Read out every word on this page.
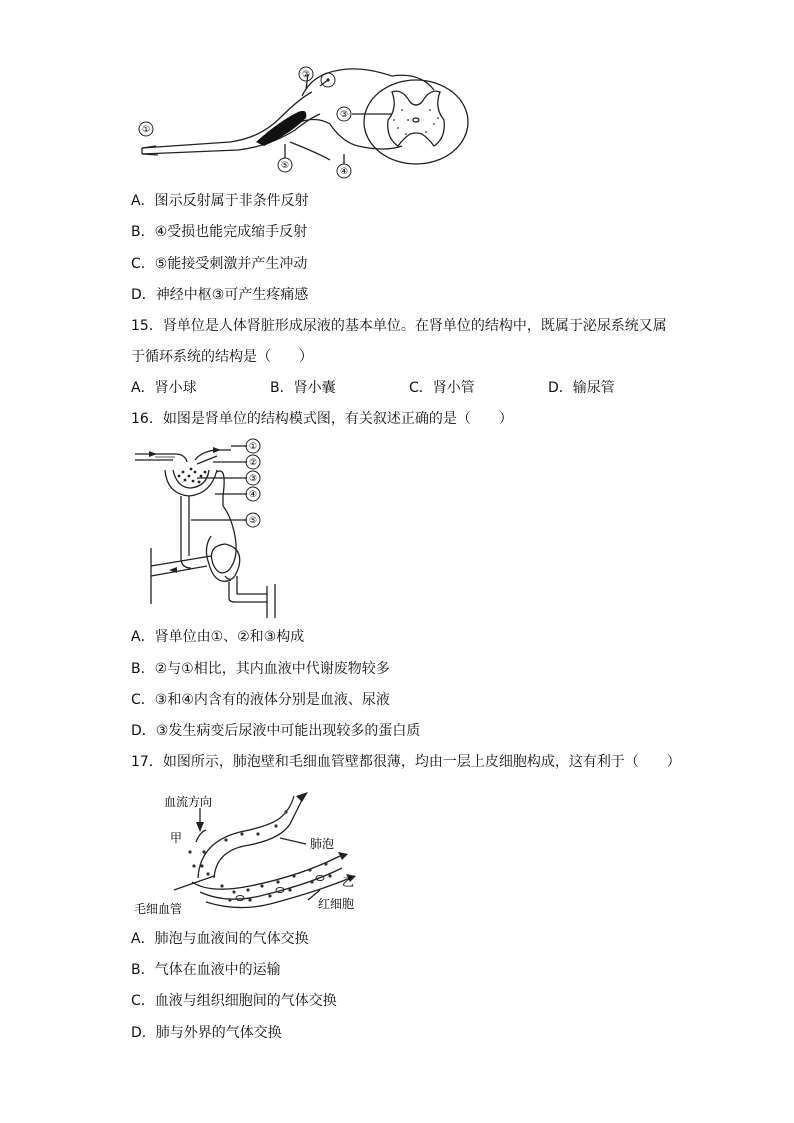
①
②
③
④
⑤
A．图示反射属于非条件反射
B．④受损也能完成缩手反射
C．⑤能接受刺激并产生冲动
D．神经中枢③可产生疼痛感
15．肾单位是人体肾脏形成尿液的基本单位。在肾单位的结构中，既属于泌尿系统又属
于循环系统的结构是（　　）
A．肾小球	B．肾小囊	C．肾小管	D．输尿管
16．如图是肾单位的结构模式图，有关叙述正确的是（　　）
①
②
③
④
⑤
A．肾单位由①、②和③构成
B．②与①相比，其内血液中代谢废物较多
C．③和④内含有的液体分别是血液、尿液
D．③发生病变后尿液中可能出现较多的蛋白质
17．如图所示，肺泡壁和毛细血管壁都很薄，均由一层上皮细胞构成，这有利于（　　）
血流方向
甲	肺泡
乙
毛细血管	红细胞
A．肺泡与血液间的气体交换
B．气体在血液中的运输
C．血液与组织细胞间的气体交换
D．肺与外界的气体交换
